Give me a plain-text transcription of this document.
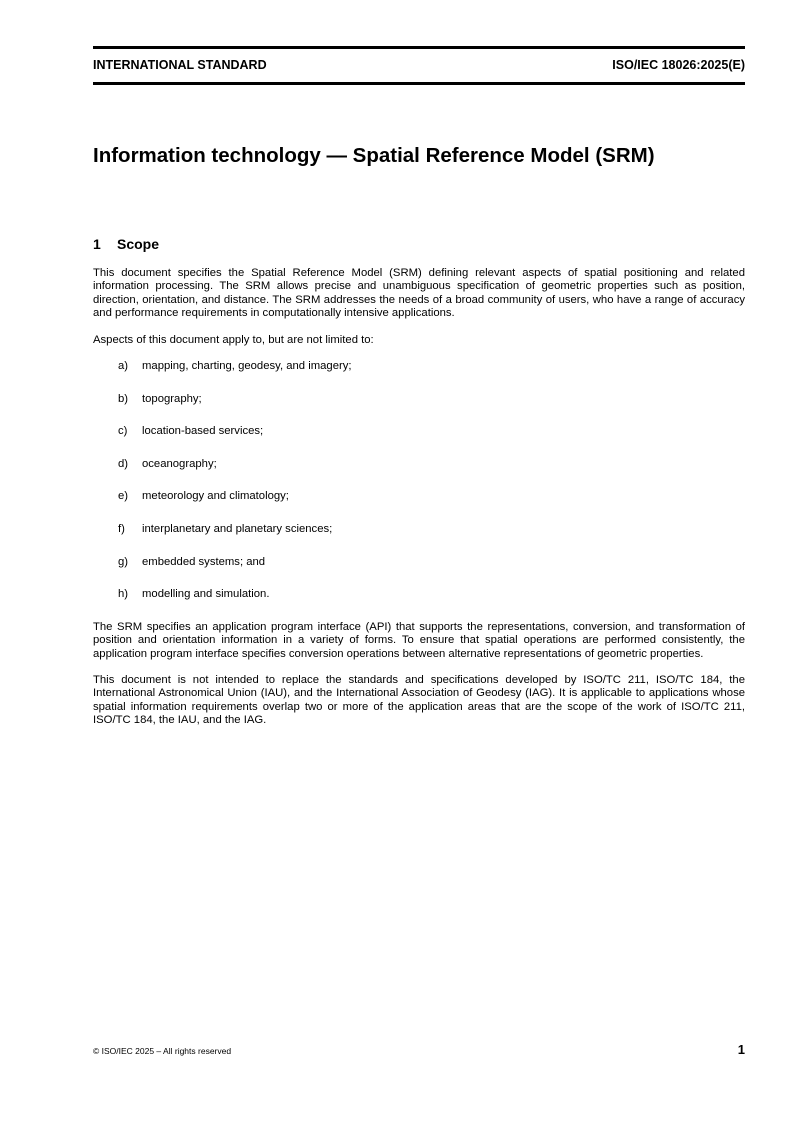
INTERNATIONAL STANDARD	ISO/IEC 18026:2025(E)
Information technology — Spatial Reference Model (SRM)
1 Scope

This document specifies the Spatial Reference Model (SRM) defining relevant aspects of spatial positioning and related information processing. The SRM allows precise and unambiguous specification of geometric properties such as position, direction, orientation, and distance. The SRM addresses the needs of a broad community of users, who have a range of accuracy and performance requirements in computationally intensive applications.

Aspects of this document apply to, but are not limited to:

a) mapping, charting, geodesy, and imagery;
b) topography;
c) location-based services;
d) oceanography;
e) meteorology and climatology;
f) interplanetary and planetary sciences;
g) embedded systems; and
h) modelling and simulation.

The SRM specifies an application program interface (API) that supports the representations, conversion, and transformation of position and orientation information in a variety of forms. To ensure that spatial operations are performed consistently, the application program interface specifies conversion operations between alternative representations of geometric properties.

This document is not intended to replace the standards and specifications developed by ISO/TC 211, ISO/TC 184, the International Astronomical Union (IAU), and the International Association of Geodesy (IAG). It is applicable to applications whose spatial information requirements overlap two or more of the application areas that are the scope of the work of ISO/TC 211, ISO/TC 184, the IAU, and the IAG.

© ISO/IEC 2025 – All rights reserved	1
